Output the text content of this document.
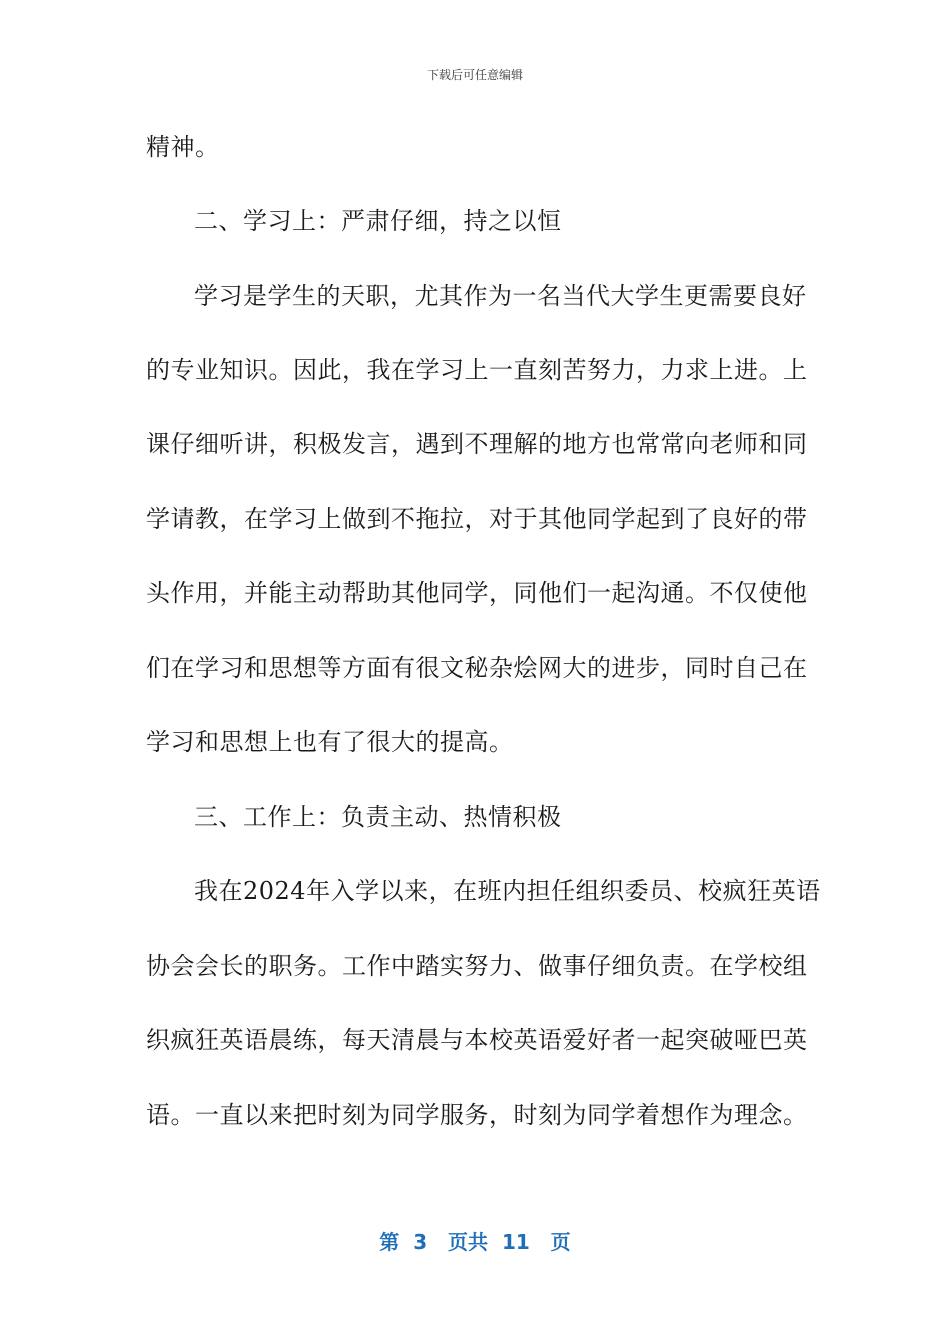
下载后可任意编辑
精神。
二、学习上：严肃仔细，持之以恒
学习是学生的天职，尤其作为一名当代大学生更需要良好
的专业知识。因此，我在学习上一直刻苦努力，力求上进。上
课仔细听讲，积极发言，遇到不理解的地方也常常向老师和同
学请教，在学习上做到不拖拉，对于其他同学起到了良好的带
头作用，并能主动帮助其他同学，同他们一起沟通。不仅使他
们在学习和思想等方面有很文秘杂烩网大的进步，同时自己在
学习和思想上也有了很大的提高。
三、工作上：负责主动、热情积极
我在2024年入学以来，在班内担任组织委员、校疯狂英语
协会会长的职务。工作中踏实努力、做事仔细负责。在学校组
织疯狂英语晨练，每天清晨与本校英语爱好者一起突破哑巴英
语。一直以来把时刻为同学服务，时刻为同学着想作为理念。
第  3   页共  11   页
